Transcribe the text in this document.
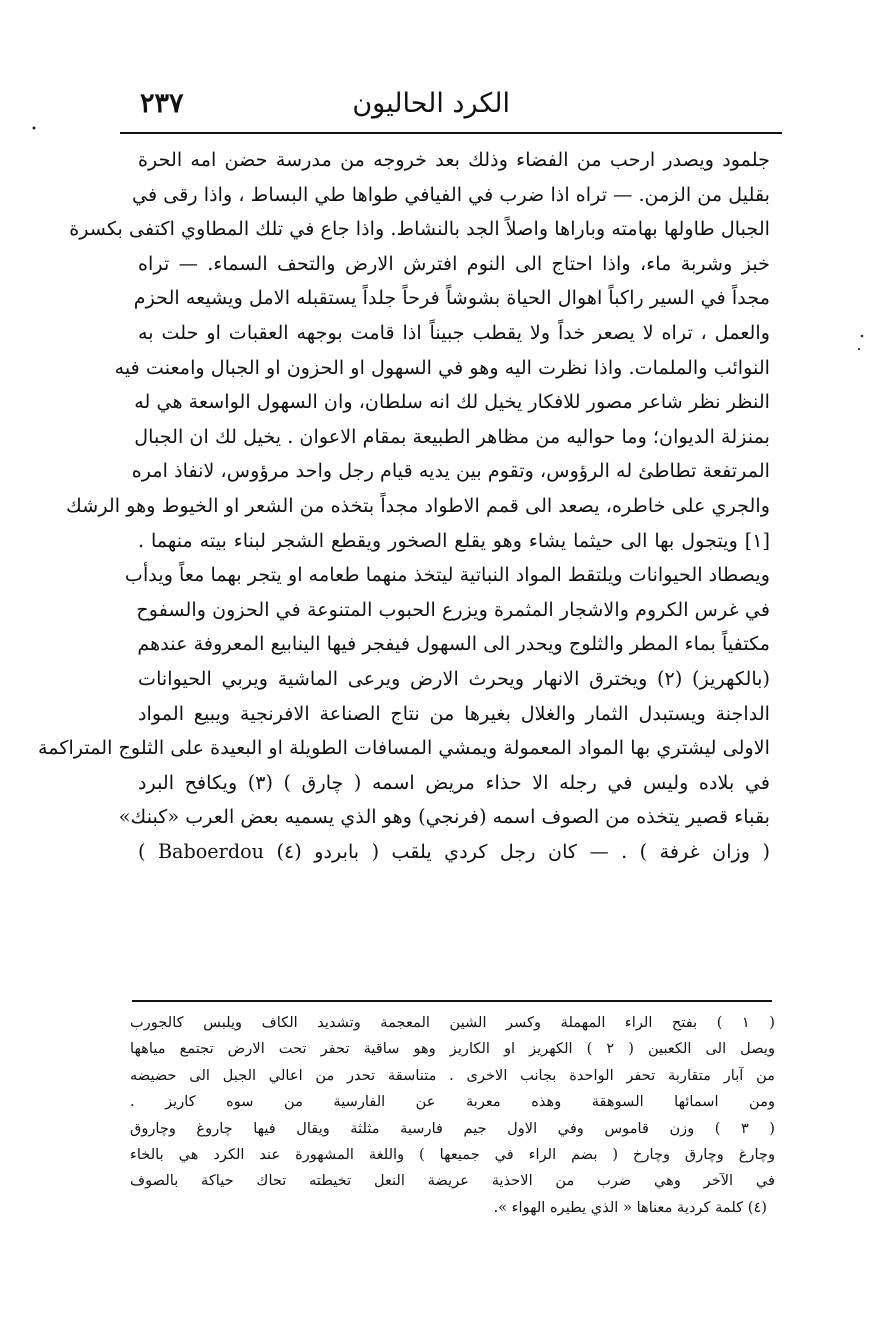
الكرد الحاليون
٢٣٧
جلمود ويصدر ارحب من الفضاء وذلك بعد خروجه من مدرسة حضن امه الحرة
بقليل من الزمن. — تراه اذا ضرب في الفيافي طواها طي البساط ، واذا رقى في
الجبال طاولها بهامته وباراها واصلاً الجد بالنشاط. واذا جاع في تلك المطاوي اكتفى بكسرة
خبز وشربة ماء، واذا احتاج الى النوم افترش الارض والتحف السماء. — تراه
مجداً في السير راكباً اهوال الحياة بشوشاً فرحاً جلداً يستقبله الامل ويشيعه الحزم
والعمل ، تراه لا يصعر خداً ولا يقطب جبيناً اذا قامت بوجهه العقبات او حلت به
النوائب والملمات. واذا نظرت اليه وهو في السهول او الحزون او الجبال وامعنت فيه
النظر نظر شاعر مصور للافكار يخيل لك انه سلطان، وان السهول الواسعة هي له
بمنزلة الديوان؛ وما حواليه من مظاهر الطبيعة بمقام الاعوان . يخيل لك ان الجبال
المرتفعة تطاطئ له الرؤوس، وتقوم بين يديه قيام رجل واحد مرؤوس، لانفاذ امره
والجري على خاطره، يصعد الى قمم الاطواد مجداً بتخذه من الشعر او الخيوط وهو الرشك
[١] ويتجول بها الى حيثما يشاء وهو يقلع الصخور ويقطع الشجر لبناء بيته منهما .
ويصطاد الحيوانات ويلتقط المواد النباتية ليتخذ منهما طعامه او يتجر بهما معاً ويدأب
في غرس الكروم والاشجار المثمرة ويزرع الحبوب المتنوعة في الحزون والسفوح
مكتفياً بماء المطر والثلوج ويحدر الى السهول فيفجر فيها الينابيع المعروفة عندهم
(بالكهريز) (٢) ويخترق الانهار ويحرث الارض ويرعى الماشية ويربي الحيوانات
الداجنة ويستبدل الثمار والغلال بغيرها من نتاج الصناعة الافرنجية ويبيع المواد
الاولى ليشتري بها المواد المعمولة ويمشي المسافات الطويلة او البعيدة على الثلوج المتراكمة
في بلاده وليس في رجله الا حذاء مريض اسمه ( چارق ) (٣) ويكافح البرد
بقباء قصير يتخذه من الصوف اسمه (فرنجي) وهو الذي يسميه بعض العرب «كبنك»
( وزان غرفة ) . — كان رجل كردي يلقب ( بابردو (٤) Baboerdou )
( ١ ) بفتح الراء المهملة وكسر الشين المعجمة وتشديد الكاف ويلبس كالجورب
ويصل الى الكعبين ( ٢ ) الكهريز او الكاريز وهو ساقية تحفر تحت الارض تجتمع مياهها
من آبار متقاربة تحفر الواحدة بجانب الاخرى . متناسقة تحدر من اعالي الجبل الى حضيضه
ومن اسمائها السوهقة وهذه معربة عن الفارسية من سوه كاريز .
( ٣ ) وزن قاموس وفي الاول جيم فارسية مثلثة ويقال فيها چاروغ وچاروق
وچارغ وچارق وچارخ ( بضم الراء في جميعها ) واللغة المشهورة عند الكرد هي بالخاء
في الآخر وهي ضرب من الاحذية عريضة النعل تخيطته تحاك حياكة بالصوف
(٤) كلمة كردية معناها « الذي يطيره الهواء ».
